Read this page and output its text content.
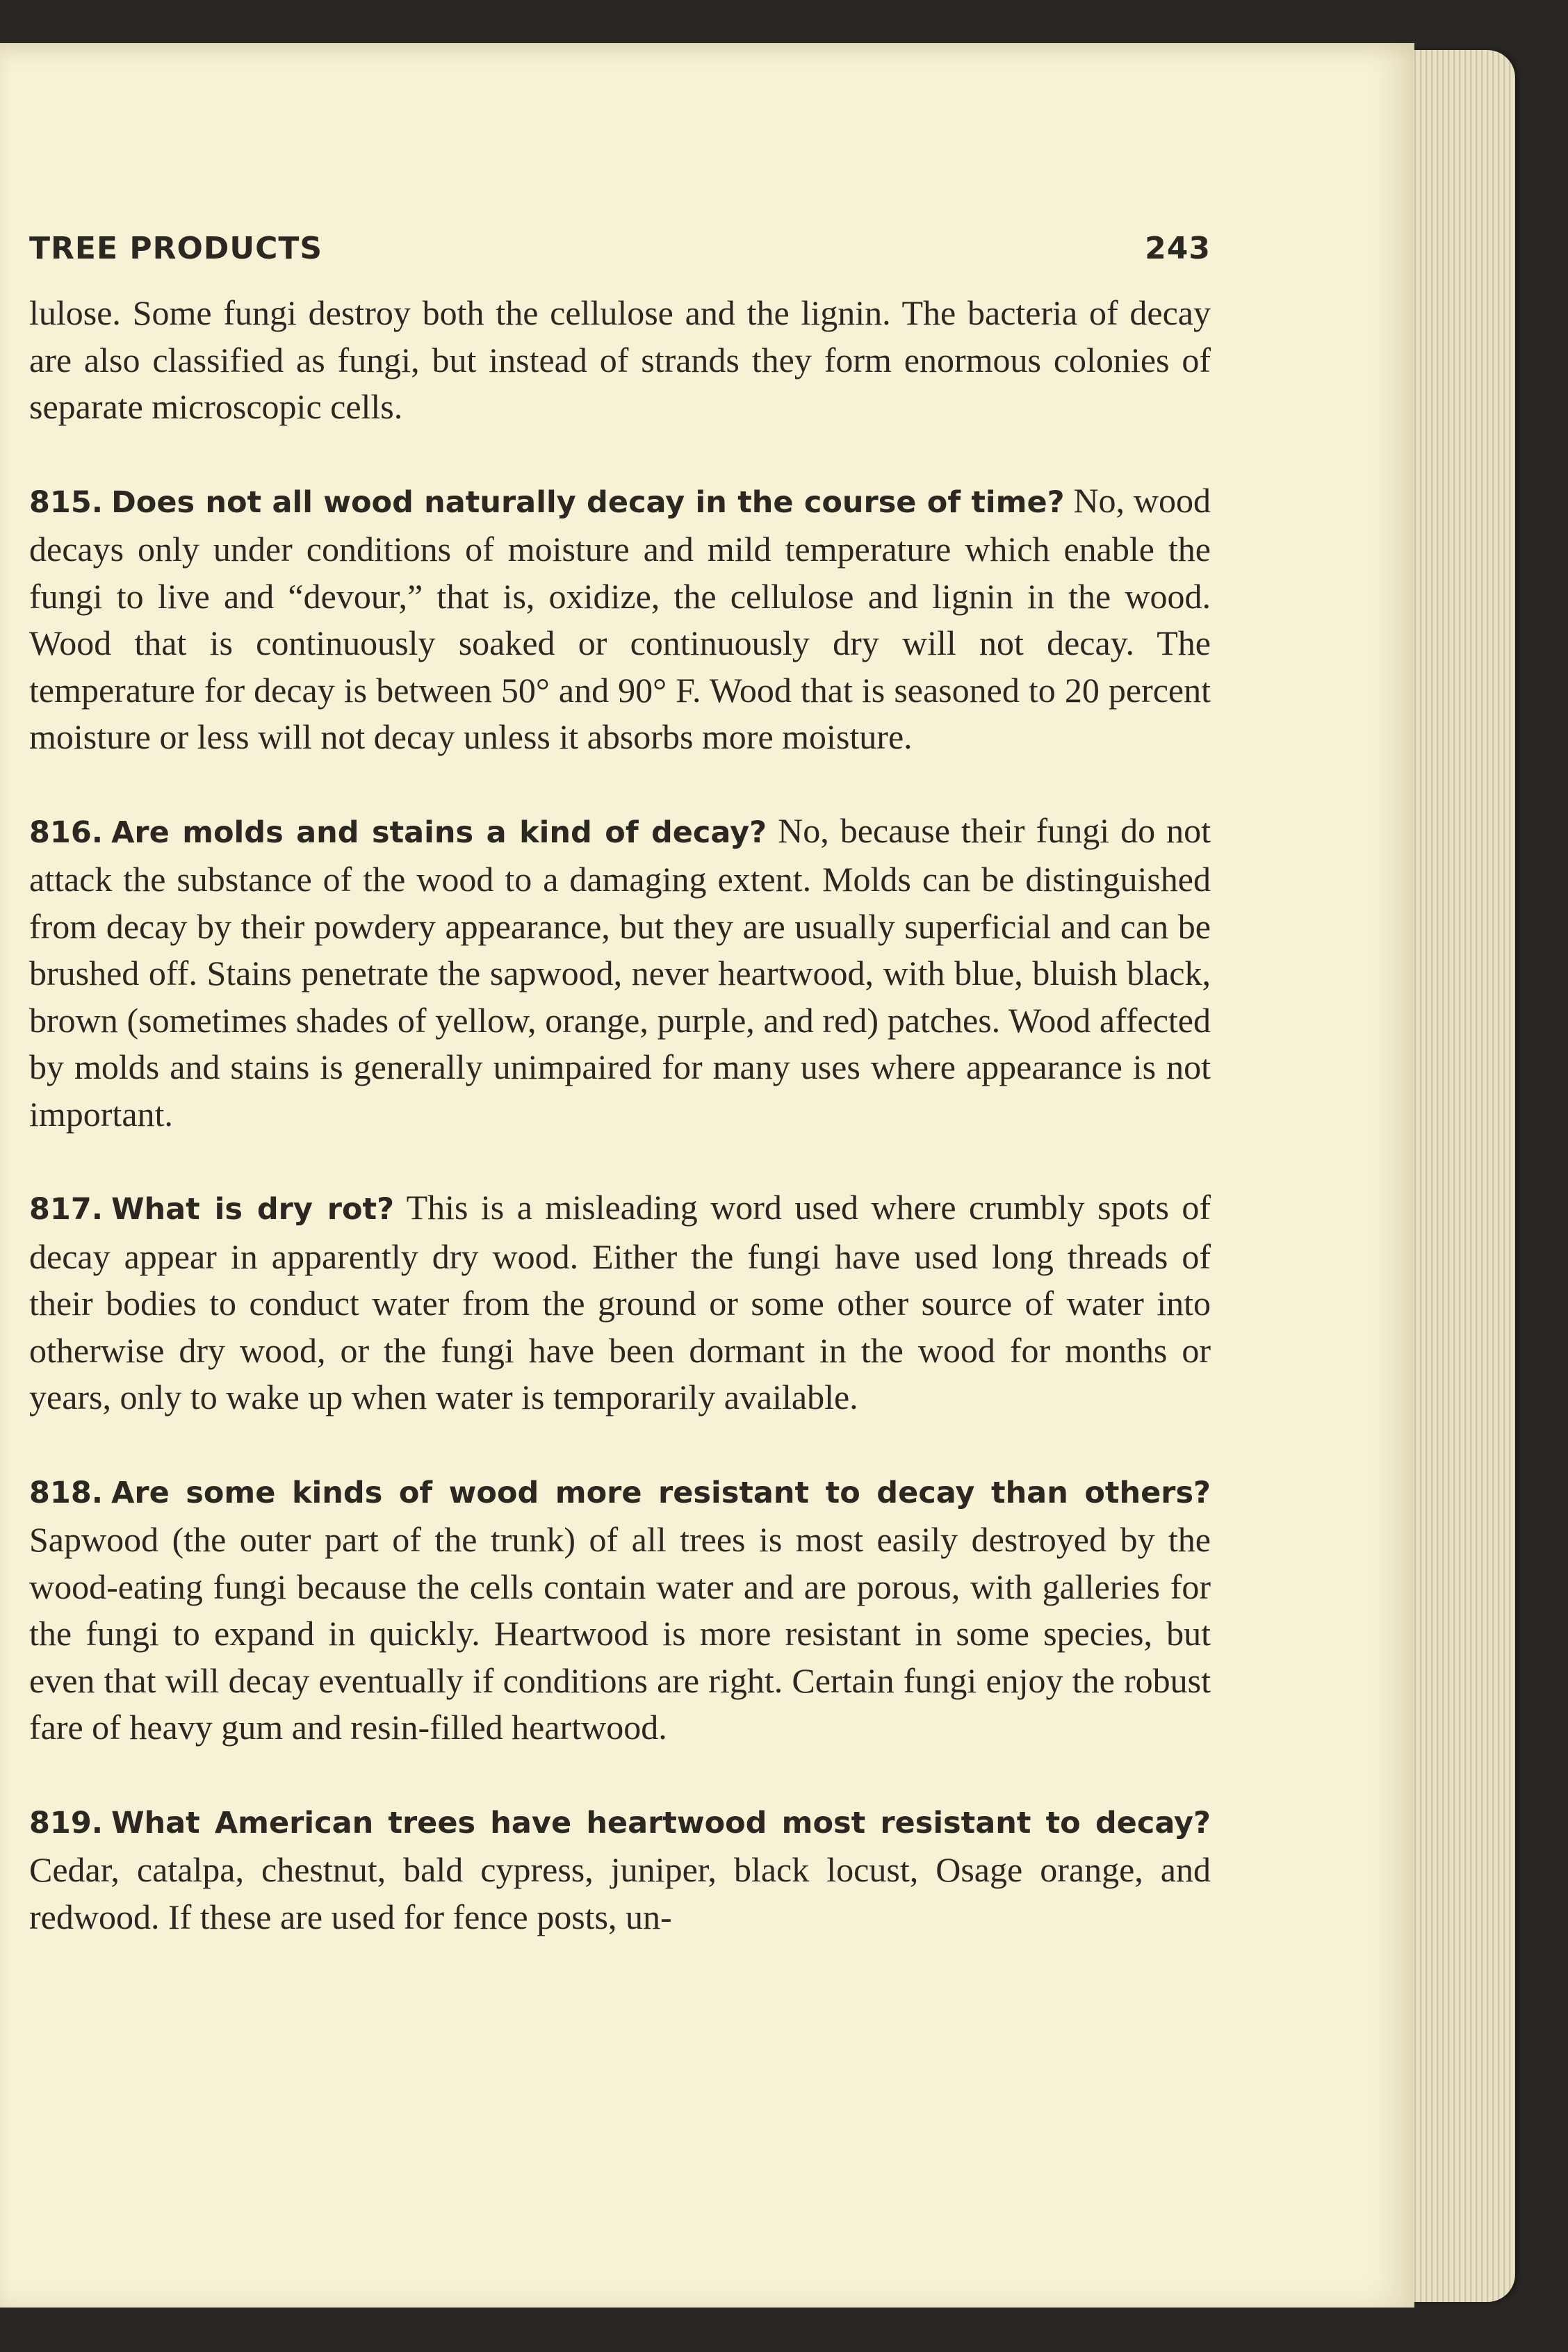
TREE PRODUCTS	243

lulose. Some fungi destroy both the cellulose and the lignin. The bacteria of decay are also classified as fungi, but instead of strands they form enormous colonies of separate microscopic cells.

815. Does not all wood naturally decay in the course of time? No, wood decays only under conditions of moisture and mild temperature which enable the fungi to live and “devour,” that is, oxidize, the cellulose and lignin in the wood. Wood that is continuously soaked or continuously dry will not decay. The temperature for decay is between 50° and 90° F. Wood that is seasoned to 20 percent moisture or less will not decay unless it absorbs more moisture.

816. Are molds and stains a kind of decay? No, because their fungi do not attack the substance of the wood to a damaging extent. Molds can be distinguished from decay by their powdery appearance, but they are usually superficial and can be brushed off. Stains penetrate the sapwood, never heartwood, with blue, bluish black, brown (sometimes shades of yellow, orange, purple, and red) patches. Wood affected by molds and stains is generally unimpaired for many uses where appearance is not important.

817. What is dry rot? This is a misleading word used where crumbly spots of decay appear in apparently dry wood. Either the fungi have used long threads of their bodies to conduct water from the ground or some other source of water into otherwise dry wood, or the fungi have been dormant in the wood for months or years, only to wake up when water is temporarily available.

818. Are some kinds of wood more resistant to decay than others? Sapwood (the outer part of the trunk) of all trees is most easily destroyed by the wood-eating fungi because the cells contain water and are porous, with galleries for the fungi to expand in quickly. Heartwood is more resistant in some species, but even that will decay eventually if conditions are right. Certain fungi enjoy the robust fare of heavy gum and resin-filled heartwood.

819. What American trees have heartwood most resistant to decay? Cedar, catalpa, chestnut, bald cypress, juniper, black locust, Osage orange, and redwood. If these are used for fence posts, un-
